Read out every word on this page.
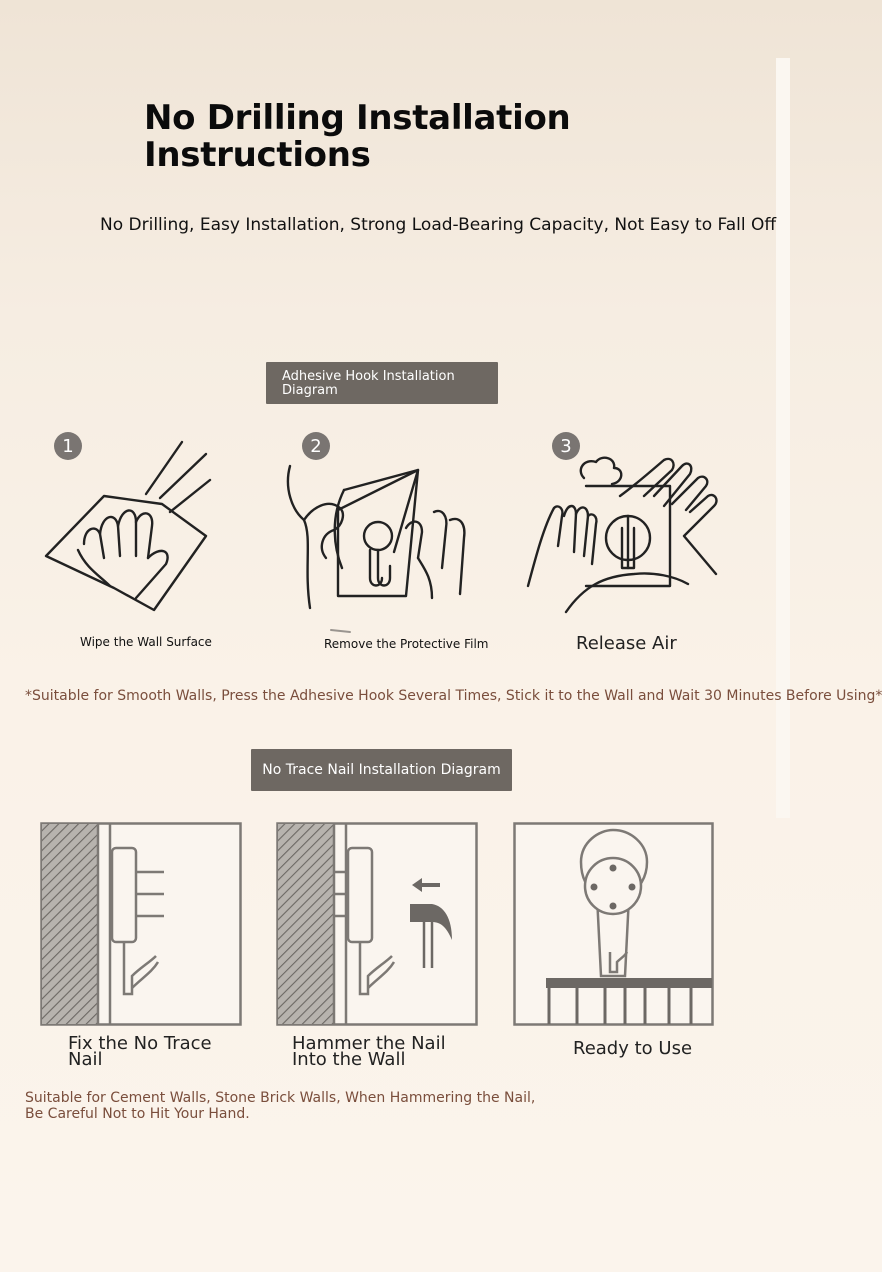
No Drilling Installation Instructions
No Drilling, Easy Installation, Strong Load-Bearing Capacity, Not Easy to Fall Off
Adhesive Hook Installation Diagram
1
Wipe the Wall Surface
2
Remove the Protective Film
3
Release Air
*Suitable for Smooth Walls, Press the Adhesive Hook Several Times, Stick it to the Wall and Wait 30 Minutes Before Using*
No Trace Nail Installation Diagram
Fix the No Trace Nail
Hammer the Nail Into the Wall
Ready to Use
Suitable for Cement Walls, Stone Brick Walls, When Hammering the Nail, Be Careful Not to Hit Your Hand.
